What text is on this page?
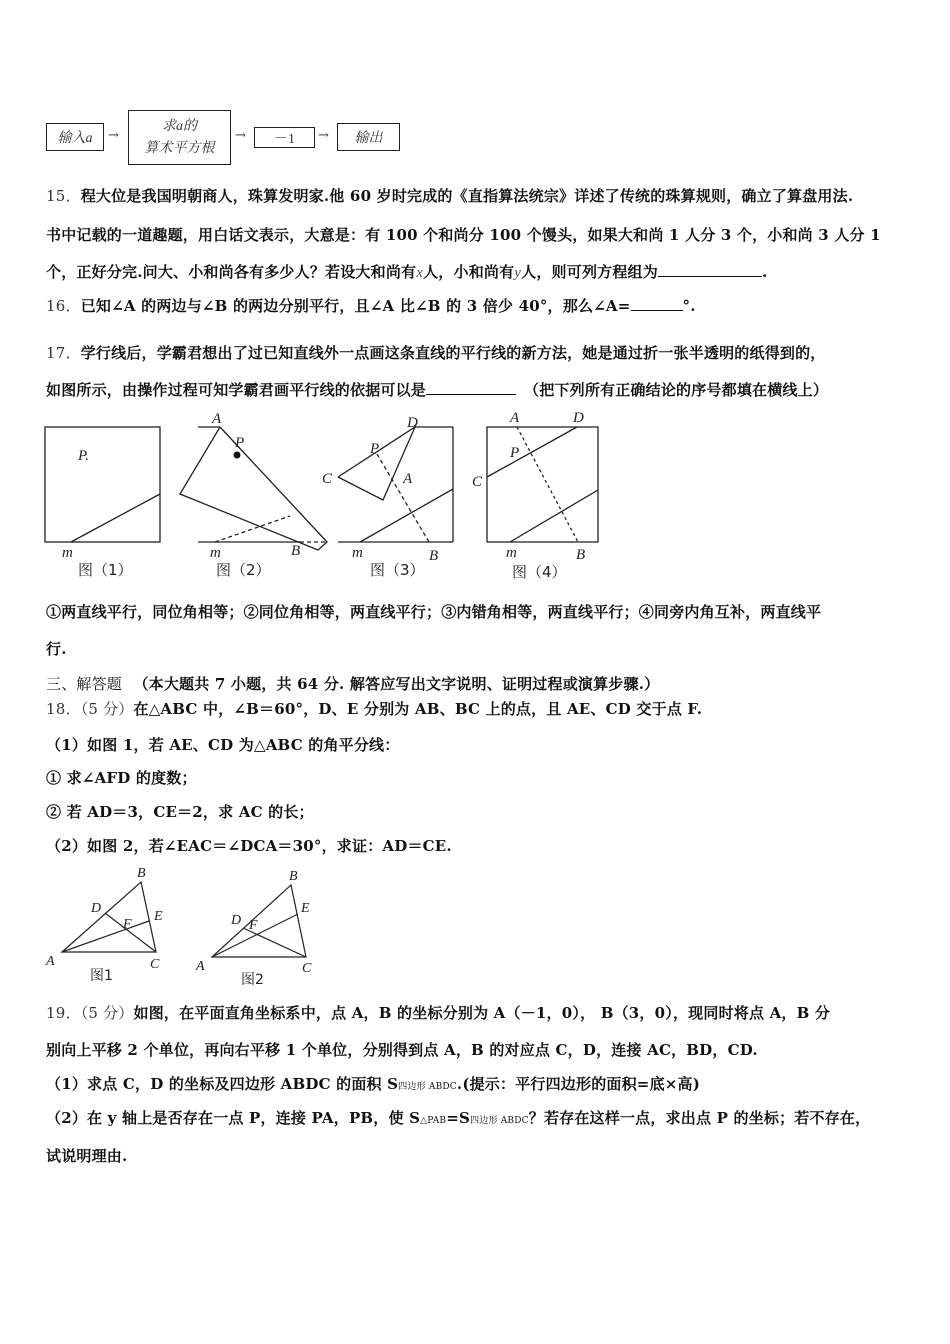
输入a →
求a的
算术平方根
→ －1 → 输出
15．程大位是我国明朝商人，珠算发明家.他 60 岁时完成的《直指算法统宗》详述了传统的珠算规则，确立了算盘用法.
书中记载的一道趣题，用白话文表示，大意是：有 100 个和尚分 100 个馒头，如果大和尚 1 人分 3 个，小和尚 3 人分 1
个，正好分完.问大、小和尚各有多少人？若设大和尚有x人，小和尚有y人，则可列方程组为	.
16．已知∠A 的两边与∠B 的两边分别平行，且∠A 比∠B 的 3 倍少 40°，那么∠A=	°.
17．学行线后，学霸君想出了过已知直线外一点画这条直线的平行线的新方法，她是通过折一张半透明的纸得到的，
如图所示，由操作过程可知学霸君画平行线的依据可以是	（把下列所有正确结论的序号都填在横线上）
P.
m
A
P
m	B
D
P
C	A
m	B
A	D
P
C
m	B
图（1）	图（2）	图（3）	图（4）
①两直线平行，同位角相等；②同位角相等，两直线平行；③内错角相等，两直线平行；④同旁内角互补，两直线平
行.
三、解答题 （本大题共 7 小题，共 64 分. 解答应写出文字说明、证明过程或演算步骤.）
18．（5 分）在△ABC 中，∠B＝60°，D、E 分别为 AB、BC 上的点，且 AE、CD 交于点 F.
（1）如图 1，若 AE、CD 为△ABC 的角平分线：
① 求∠AFD 的度数；
② 若 AD＝3，CE＝2，求 AC 的长；
（2）如图 2，若∠EAC＝∠DCA＝30°，求证：AD＝CE.
B
D
F
E
A	C
B
D F
E
A	C
图1	图2
19．（5 分）如图，在平面直角坐标系中，点 A，B 的坐标分别为 A（－1，0）， B（3，0），现同时将点 A，B 分
别向上平移 2 个单位，再向右平移 1 个单位，分别得到点 A，B 的对应点 C，D，连接 AC，BD，CD.
（1）求点 C，D 的坐标及四边形 ABDC 的面积 S四边形 ABDC.(提示：平行四边形的面积=底×高)
（2）在 y 轴上是否存在一点 P，连接 PA，PB，使 S△PAB=S四边形 ABDC？若存在这样一点，求出点 P 的坐标；若不存在，
试说明理由.
